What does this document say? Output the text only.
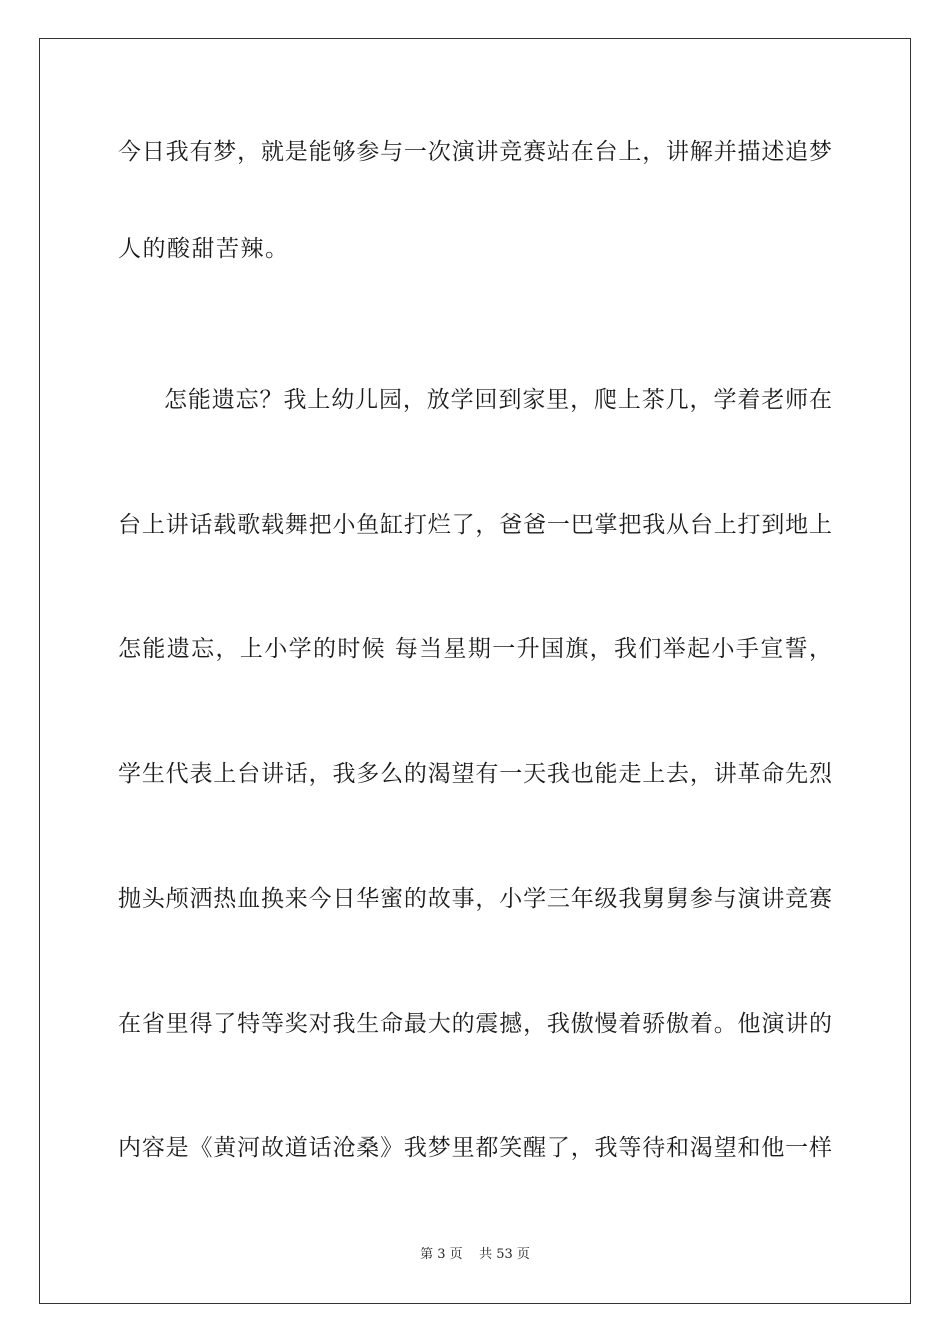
今日我有梦，就是能够参与一次演讲竞赛站在台上，讲解并描述追梦
人的酸甜苦辣。
怎能遗忘？我上幼儿园，放学回到家里，爬上茶几，学着老师在
台上讲话载歌载舞把小鱼缸打烂了，爸爸一巴掌把我从台上打到地上
怎能遗忘，上小学的时候 每当星期一升国旗，我们举起小手宣誓，
学生代表上台讲话，我多么的渴望有一天我也能走上去，讲革命先烈
抛头颅洒热血换来今日华蜜的故事，小学三年级我舅舅参与演讲竞赛
在省里得了特等奖对我生命最大的震撼，我傲慢着骄傲着。他演讲的
内容是《黄河故道话沧桑》我梦里都笑醒了，我等待和渴望和他一样
第 3 页    共 53 页
